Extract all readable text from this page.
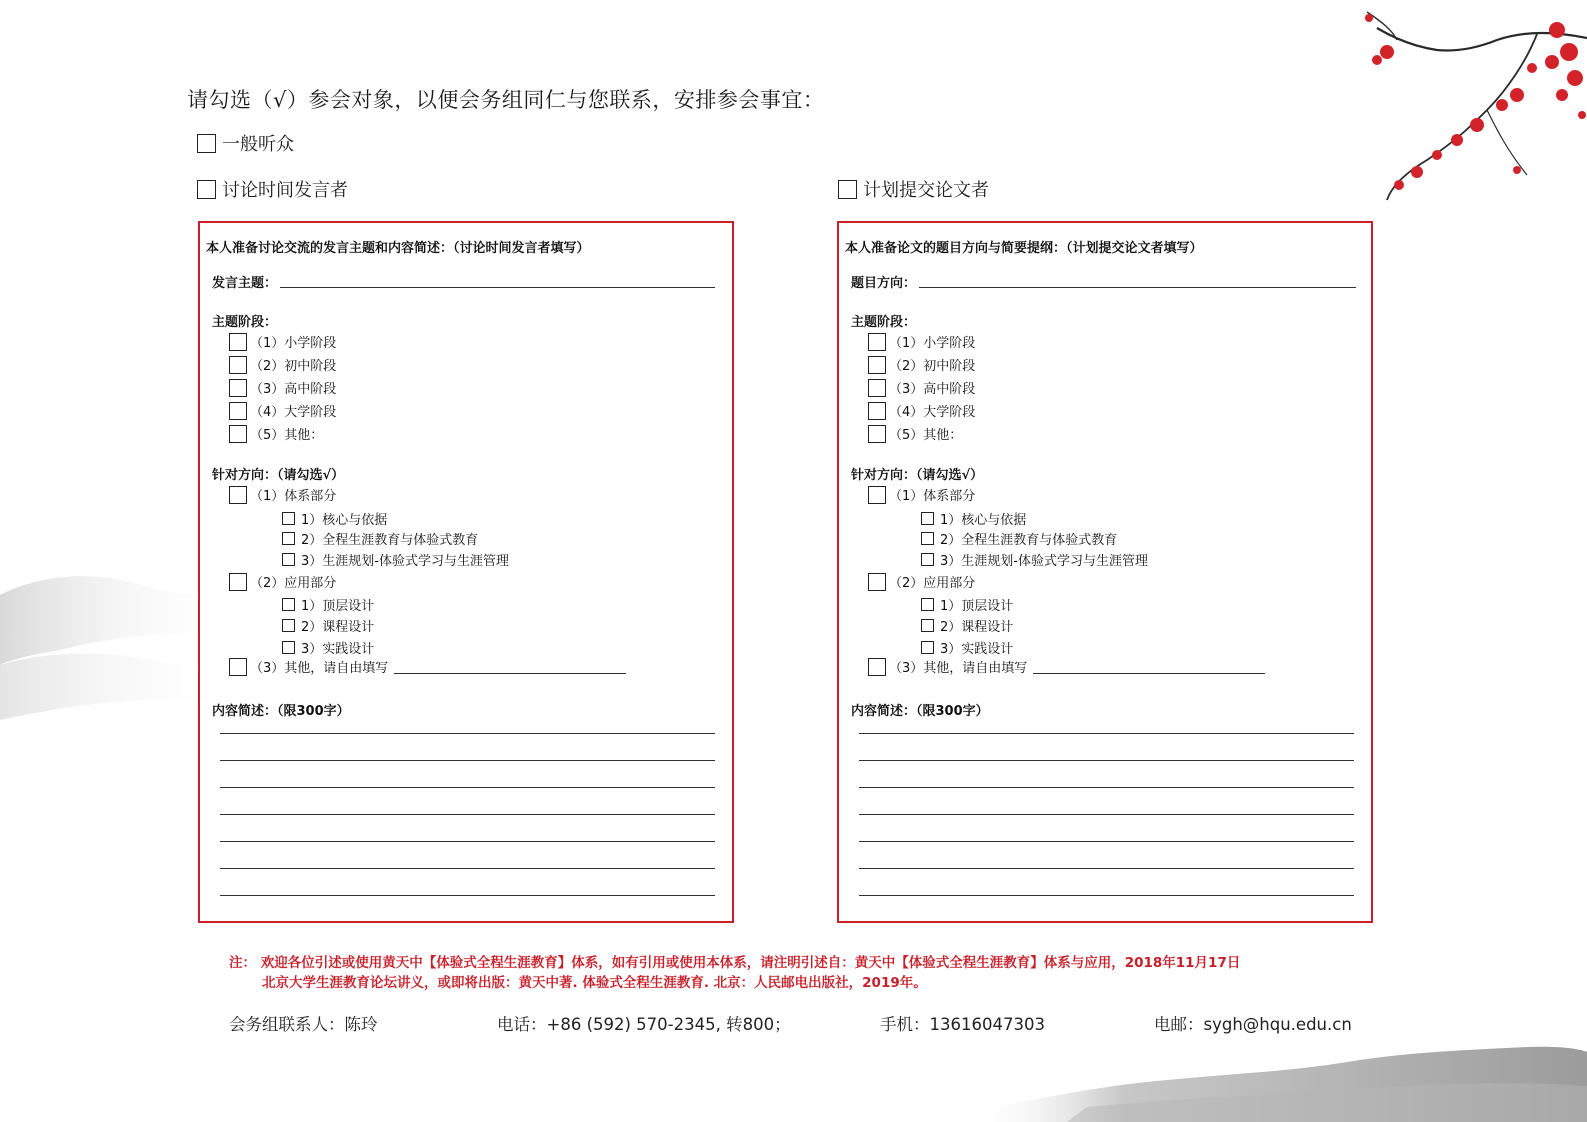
请勾选（√）参会对象，以便会务组同仁与您联系，安排参会事宜：
一般听众
讨论时间发言者	计划提交论文者
本人准备讨论交流的发言主题和内容简述：（讨论时间发言者填写）
发言主题：
主题阶段：
（1）小学阶段
（2）初中阶段
（3）高中阶段
（4）大学阶段
（5）其他：
针对方向：（请勾选√）
（1）体系部分
1）核心与依据
2）全程生涯教育与体验式教育
3）生涯规划-体验式学习与生涯管理
（2）应用部分
1）顶层设计
2）课程设计
3）实践设计
（3）其他，请自由填写
内容简述：（限300字）
本人准备论文的题目方向与简要提纲：（计划提交论文者填写）
题目方向：
主题阶段：
（1）小学阶段
（2）初中阶段
（3）高中阶段
（4）大学阶段
（5）其他：
针对方向：（请勾选√）
（1）体系部分
1）核心与依据
2）全程生涯教育与体验式教育
3）生涯规划-体验式学习与生涯管理
（2）应用部分
1）顶层设计
2）课程设计
3）实践设计
（3）其他，请自由填写
内容简述：（限300字）
注： 欢迎各位引述或使用黄天中【体验式全程生涯教育】体系，如有引用或使用本体系，请注明引述自：黄天中【体验式全程生涯教育】体系与应用，2018年11月17日
北京大学生涯教育论坛讲义，或即将出版：黄天中著. 体验式全程生涯教育. 北京：人民邮电出版社，2019年。
会务组联系人：陈玲	电话：+86 (592) 570-2345, 转800；	手机：13616047303	电邮：sygh@hqu.edu.cn
